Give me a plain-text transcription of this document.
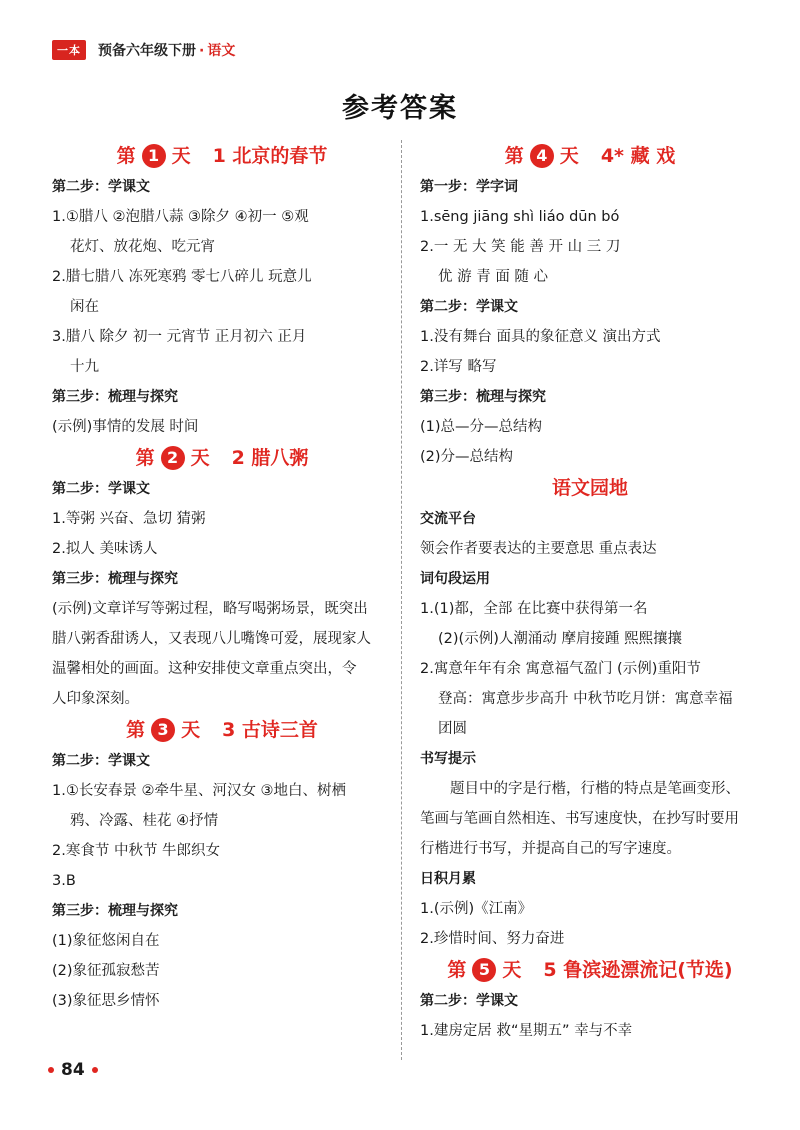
一本	预备六年级下册 · 语文
参考答案
第 1 天 1 北京的春节
第二步：学课文
1.①腊八 ②泡腊八蒜 ③除夕 ④初一 ⑤观
花灯、放花炮、吃元宵
2.腊七腊八 冻死寒鸦 零七八碎儿 玩意儿
闲在
3.腊八 除夕 初一 元宵节 正月初六 正月
十九
第三步：梳理与探究
(示例)事情的发展 时间
第 2 天 2 腊八粥
第二步：学课文
1.等粥 兴奋、急切 猜粥
2.拟人 美味诱人
第三步：梳理与探究
(示例)文章详写等粥过程，略写喝粥场景，既突出
腊八粥香甜诱人，又表现八儿嘴馋可爱，展现家人
温馨相处的画面。这种安排使文章重点突出，令
人印象深刻。
第 3 天 3 古诗三首
第二步：学课文
1.①长安春景 ②牵牛星、河汉女 ③地白、树栖
鸦、冷露、桂花 ④抒情
2.寒食节 中秋节 牛郎织女
3.B
第三步：梳理与探究
(1)象征悠闲自在
(2)象征孤寂愁苦
(3)象征思乡情怀
第 4 天 4* 藏 戏
第一步：学字词
1.sēng jiāng shì liáo dūn bó
2.一 无 大 笑 能 善 开 山 三 刀
优 游 青 面 随 心
第二步：学课文
1.没有舞台 面具的象征意义 演出方式
2.详写 略写
第三步：梳理与探究
(1)总—分—总结构
(2)分—总结构
语文园地
交流平台
领会作者要表达的主要意思 重点表达
词句段运用
1.(1)都，全部 在比赛中获得第一名
(2)(示例)人潮涌动 摩肩接踵 熙熙攘攘
2.寓意年年有余 寓意福气盈门 (示例)重阳节
登高：寓意步步高升 中秋节吃月饼：寓意幸福
团圆
书写提示
题目中的字是行楷，行楷的特点是笔画变形、
笔画与笔画自然相连、书写速度快，在抄写时要用
行楷进行书写，并提高自己的写字速度。
日积月累
1.(示例)《江南》
2.珍惜时间、努力奋进
第 5 天 5 鲁滨逊漂流记(节选)
第二步：学课文
1.建房定居 救“星期五” 幸与不幸
84
